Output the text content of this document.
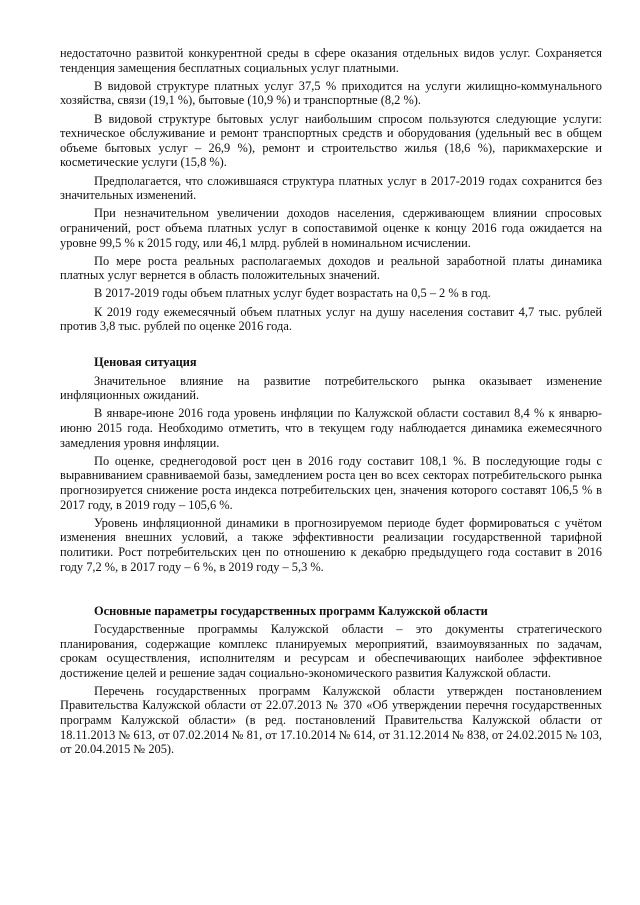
недостаточно развитой конкурентной среды в сфере оказания отдельных видов услуг. Сохраняется тенденция замещения бесплатных социальных услуг платными.

В видовой структуре платных услуг 37,5 % приходится на услуги жилищно-коммунального хозяйства, связи (19,1 %), бытовые (10,9 %) и транспортные (8,2 %).

В видовой структуре бытовых услуг наибольшим спросом пользуются следующие услуги: техническое обслуживание и ремонт транспортных средств и оборудования (удельный вес в общем объеме бытовых услуг – 26,9 %), ремонт и строительство жилья (18,6 %), парикмахерские и косметические услуги (15,8 %).

Предполагается, что сложившаяся структура платных услуг в 2017-2019 годах сохранится без значительных изменений.

При незначительном увеличении доходов населения, сдерживающем влиянии спросовых ограничений, рост объема платных услуг в сопоставимой оценке к концу 2016 года ожидается на уровне 99,5 % к 2015 году, или 46,1 млрд. рублей в номинальном исчислении.

По мере роста реальных располагаемых доходов и реальной заработной платы динамика платных услуг вернется в область положительных значений.

В 2017-2019 годы объем платных услуг будет возрастать на 0,5 – 2 % в год.

К 2019 году ежемесячный объем платных услуг на душу населения составит 4,7 тыс. рублей против 3,8 тыс. рублей по оценке 2016 года.

Ценовая ситуация

Значительное влияние на развитие потребительского рынка оказывает изменение инфляционных ожиданий.

В январе-июне 2016 года уровень инфляции по Калужской области составил 8,4 % к январю-июню 2015 года. Необходимо отметить, что в текущем году наблюдается динамика ежемесячного замедления уровня инфляции.

По оценке, среднегодовой рост цен в 2016 году составит 108,1 %. В последующие годы с выравниванием сравниваемой базы, замедлением роста цен во всех секторах потребительского рынка прогнозируется снижение роста индекса потребительских цен, значения которого составят 106,5 % в 2017 году, в 2019 году – 105,6 %.

Уровень инфляционной динамики в прогнозируемом периоде будет формироваться с учётом изменения внешних условий, а также эффективности реализации государственной тарифной политики. Рост потребительских цен по отношению к декабрю предыдущего года составит в 2016 году 7,2 %, в 2017 году – 6 %, в 2019 году – 5,3 %.

Основные параметры государственных программ Калужской области

Государственные программы Калужской области – это документы стратегического планирования, содержащие комплекс планируемых мероприятий, взаимоувязанных по задачам, срокам осуществления, исполнителям и ресурсам и обеспечивающих наиболее эффективное достижение целей и решение задач социально-экономического развития Калужской области.

Перечень государственных программ Калужской области утвержден постановлением Правительства Калужской области от 22.07.2013 № 370 «Об утверждении перечня государственных программ Калужской области» (в ред. постановлений Правительства Калужской области от 18.11.2013 № 613, от 07.02.2014 № 81, от 17.10.2014 № 614, от 31.12.2014 № 838, от 24.02.2015 № 103, от 20.04.2015 № 205).
